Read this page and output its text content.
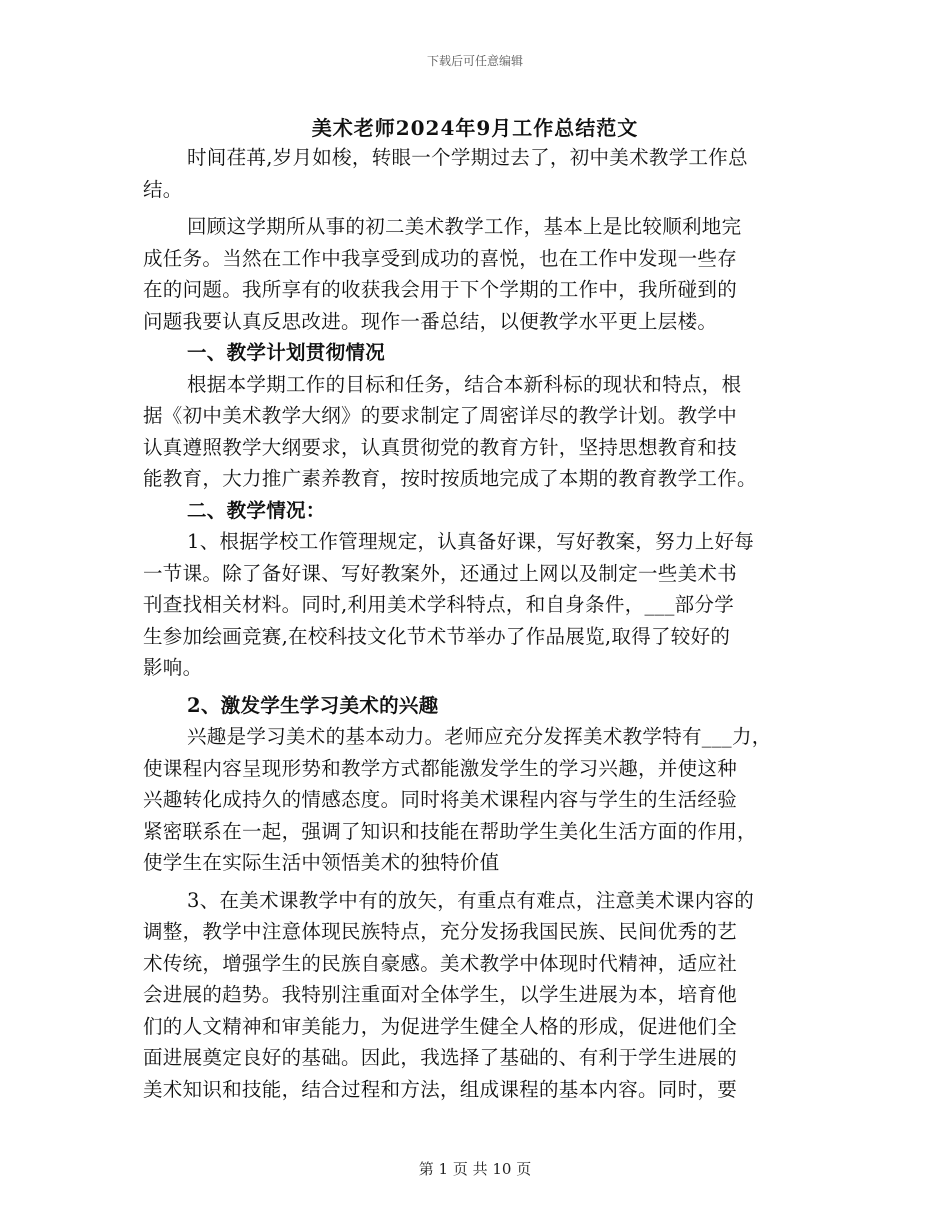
下载后可任意编辑
美术老师2024年9月工作总结范文
时间荏苒,岁月如梭，转眼一个学期过去了，初中美术教学工作总
结。
回顾这学期所从事的初二美术教学工作，基本上是比较顺利地完
成任务。当然在工作中我享受到成功的喜悦，也在工作中发现一些存
在的问题。我所享有的收获我会用于下个学期的工作中，我所碰到的
问题我要认真反思改进。现作一番总结，以便教学水平更上层楼。
一、教学计划贯彻情况
根据本学期工作的目标和任务，结合本新科标的现状和特点，根
据《初中美术教学大纲》的要求制定了周密详尽的教学计划。教学中
认真遵照教学大纲要求，认真贯彻党的教育方针，坚持思想教育和技
能教育，大力推广素养教育，按时按质地完成了本期的教育教学工作。
二、教学情况：
1、根据学校工作管理规定，认真备好课，写好教案，努力上好每
一节课。除了备好课、写好教案外，还通过上网以及制定一些美术书
刊查找相关材料。同时,利用美术学科特点，和自身条件，___部分学
生参加绘画竞赛,在校科技文化节术节举办了作品展览,取得了较好的
影响。
2、激发学生学习美术的兴趣
兴趣是学习美术的基本动力。老师应充分发挥美术教学特有___力，
使课程内容呈现形势和教学方式都能激发学生的学习兴趣，并使这种
兴趣转化成持久的情感态度。同时将美术课程内容与学生的生活经验
紧密联系在一起，强调了知识和技能在帮助学生美化生活方面的作用，
使学生在实际生活中领悟美术的独特价值
3、在美术课教学中有的放矢，有重点有难点，注意美术课内容的
调整，教学中注意体现民族特点，充分发扬我国民族、民间优秀的艺
术传统，增强学生的民族自豪感。美术教学中体现时代精神，适应社
会进展的趋势。我特别注重面对全体学生，以学生进展为本，培育他
们的人文精神和审美能力，为促进学生健全人格的形成，促进他们全
面进展奠定良好的基础。因此，我选择了基础的、有利于学生进展的
美术知识和技能，结合过程和方法，组成课程的基本内容。同时，要
第 1 页 共 10 页
